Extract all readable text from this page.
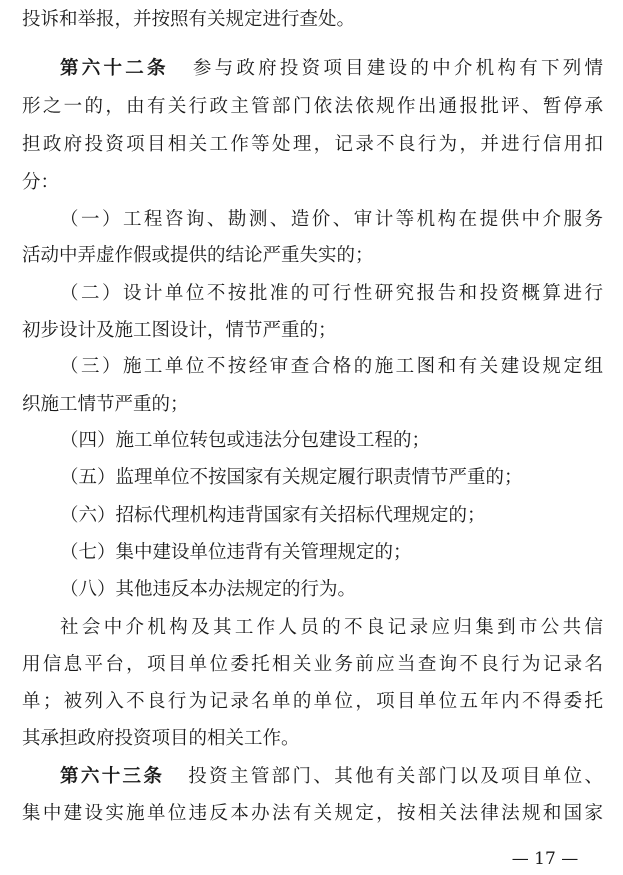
投诉和举报，并按照有关规定进行查处。
第六十二条 参与政府投资项目建设的中介机构有下列情
形之一的，由有关行政主管部门依法依规作出通报批评、暂停承
担政府投资项目相关工作等处理，记录不良行为，并进行信用扣
分：
（一）工程咨询、勘测、造价、审计等机构在提供中介服务
活动中弄虚作假或提供的结论严重失实的；
（二）设计单位不按批准的可行性研究报告和投资概算进行
初步设计及施工图设计，情节严重的；
（三）施工单位不按经审查合格的施工图和有关建设规定组
织施工情节严重的；
（四）施工单位转包或违法分包建设工程的；
（五）监理单位不按国家有关规定履行职责情节严重的；
（六）招标代理机构违背国家有关招标代理规定的；
（七）集中建设单位违背有关管理规定的；
（八）其他违反本办法规定的行为。
社会中介机构及其工作人员的不良记录应归集到市公共信
用信息平台，项目单位委托相关业务前应当查询不良行为记录名
单；被列入不良行为记录名单的单位，项目单位五年内不得委托
其承担政府投资项目的相关工作。
第六十三条 投资主管部门、其他有关部门以及项目单位、
集中建设实施单位违反本办法有关规定，按相关法律法规和国家
— 17 —
